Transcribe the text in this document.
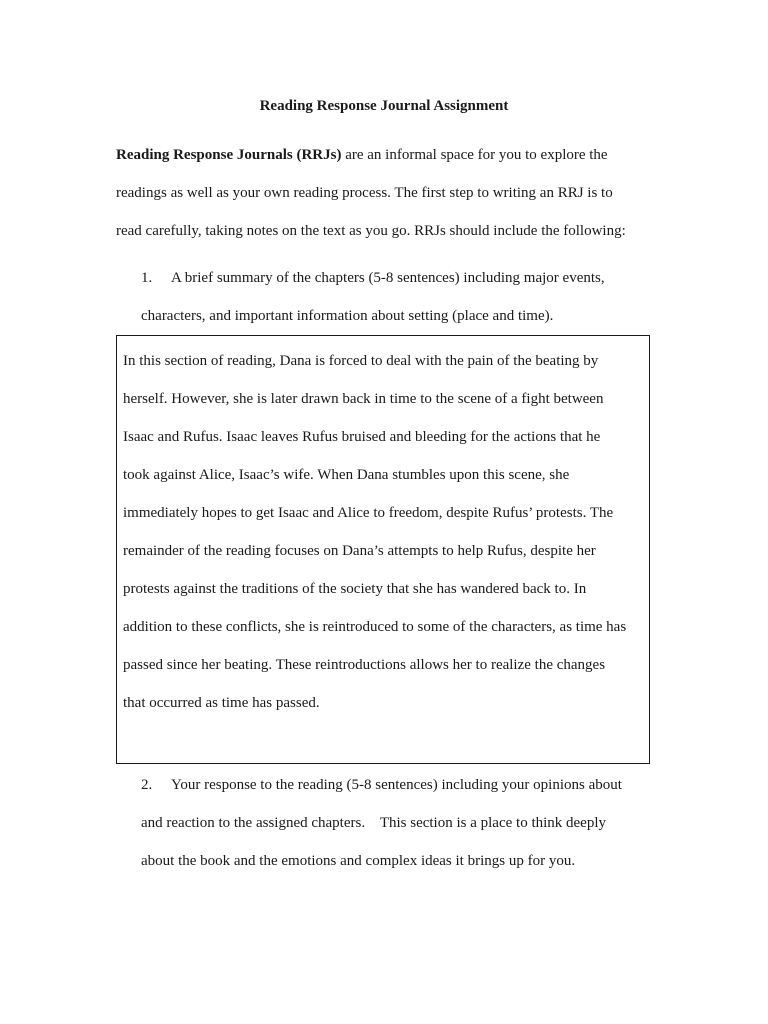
Reading Response Journal Assignment
Reading Response Journals (RRJs) are an informal space for you to explore the
readings as well as your own reading process. The first step to writing an RRJ is to
read carefully, taking notes on the text as you go. RRJs should include the following:
1. A brief summary of the chapters (5-8 sentences) including major events,
characters, and important information about setting (place and time).
In this section of reading, Dana is forced to deal with the pain of the beating by
herself. However, she is later drawn back in time to the scene of a fight between
Isaac and Rufus. Isaac leaves Rufus bruised and bleeding for the actions that he
took against Alice, Isaac’s wife. When Dana stumbles upon this scene, she
immediately hopes to get Isaac and Alice to freedom, despite Rufus’ protests. The
remainder of the reading focuses on Dana’s attempts to help Rufus, despite her
protests against the traditions of the society that she has wandered back to. In
addition to these conflicts, she is reintroduced to some of the characters, as time has
passed since her beating. These reintroductions allows her to realize the changes
that occurred as time has passed.
2. Your response to the reading (5-8 sentences) including your opinions about
and reaction to the assigned chapters.    This section is a place to think deeply
about the book and the emotions and complex ideas it brings up for you.
